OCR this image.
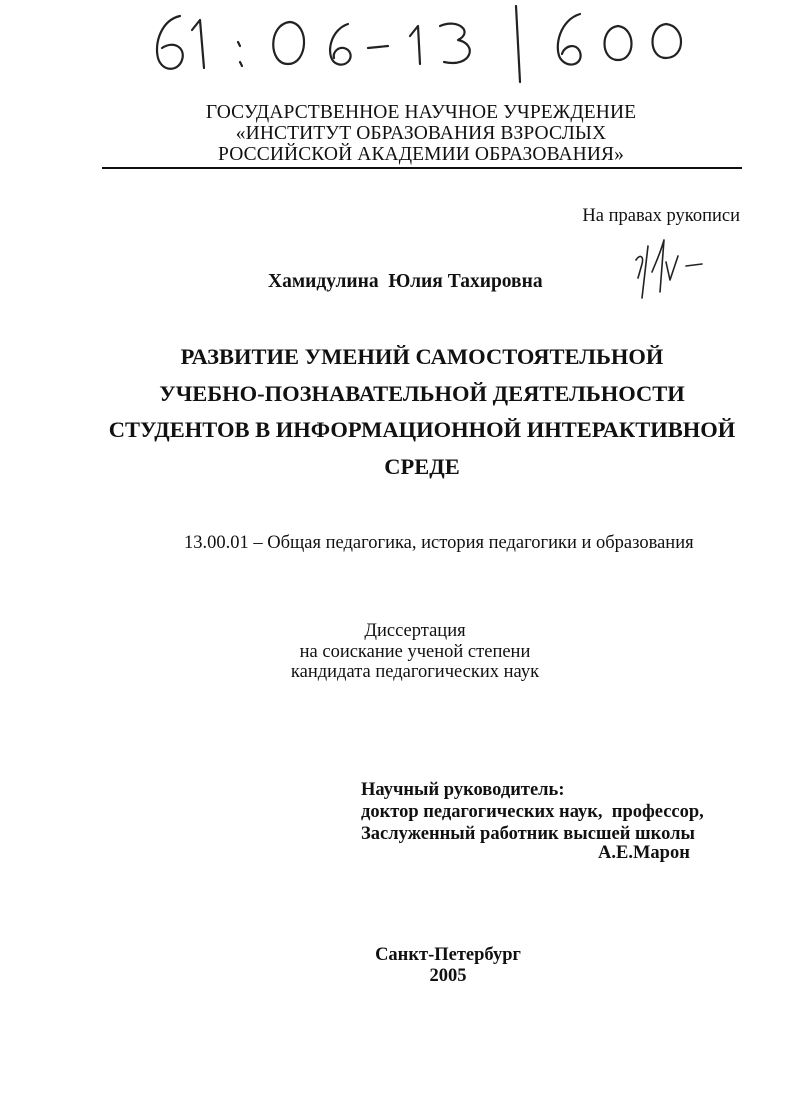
ГОСУДАРСТВЕННОЕ НАУЧНОЕ УЧРЕЖДЕНИЕ
«ИНСТИТУТ ОБРАЗОВАНИЯ ВЗРОСЛЫХ
РОССИЙСКОЙ АКАДЕМИИ ОБРАЗОВАНИЯ»
На правах рукописи
Хамидулина  Юлия Тахировна
РАЗВИТИЕ УМЕНИЙ САМОСТОЯТЕЛЬНОЙ
УЧЕБНО-ПОЗНАВАТЕЛЬНОЙ ДЕЯТЕЛЬНОСТИ
СТУДЕНТОВ В ИНФОРМАЦИОННОЙ ИНТЕРАКТИВНОЙ
СРЕДЕ
13.00.01 – Общая педагогика, история педагогики и образования
Диссертация
на соискание ученой степени
кандидата педагогических наук
Научный руководитель:
доктор педагогических наук,  профессор,
Заслуженный работник высшей школы
А.Е.Марон
Санкт-Петербург
2005
